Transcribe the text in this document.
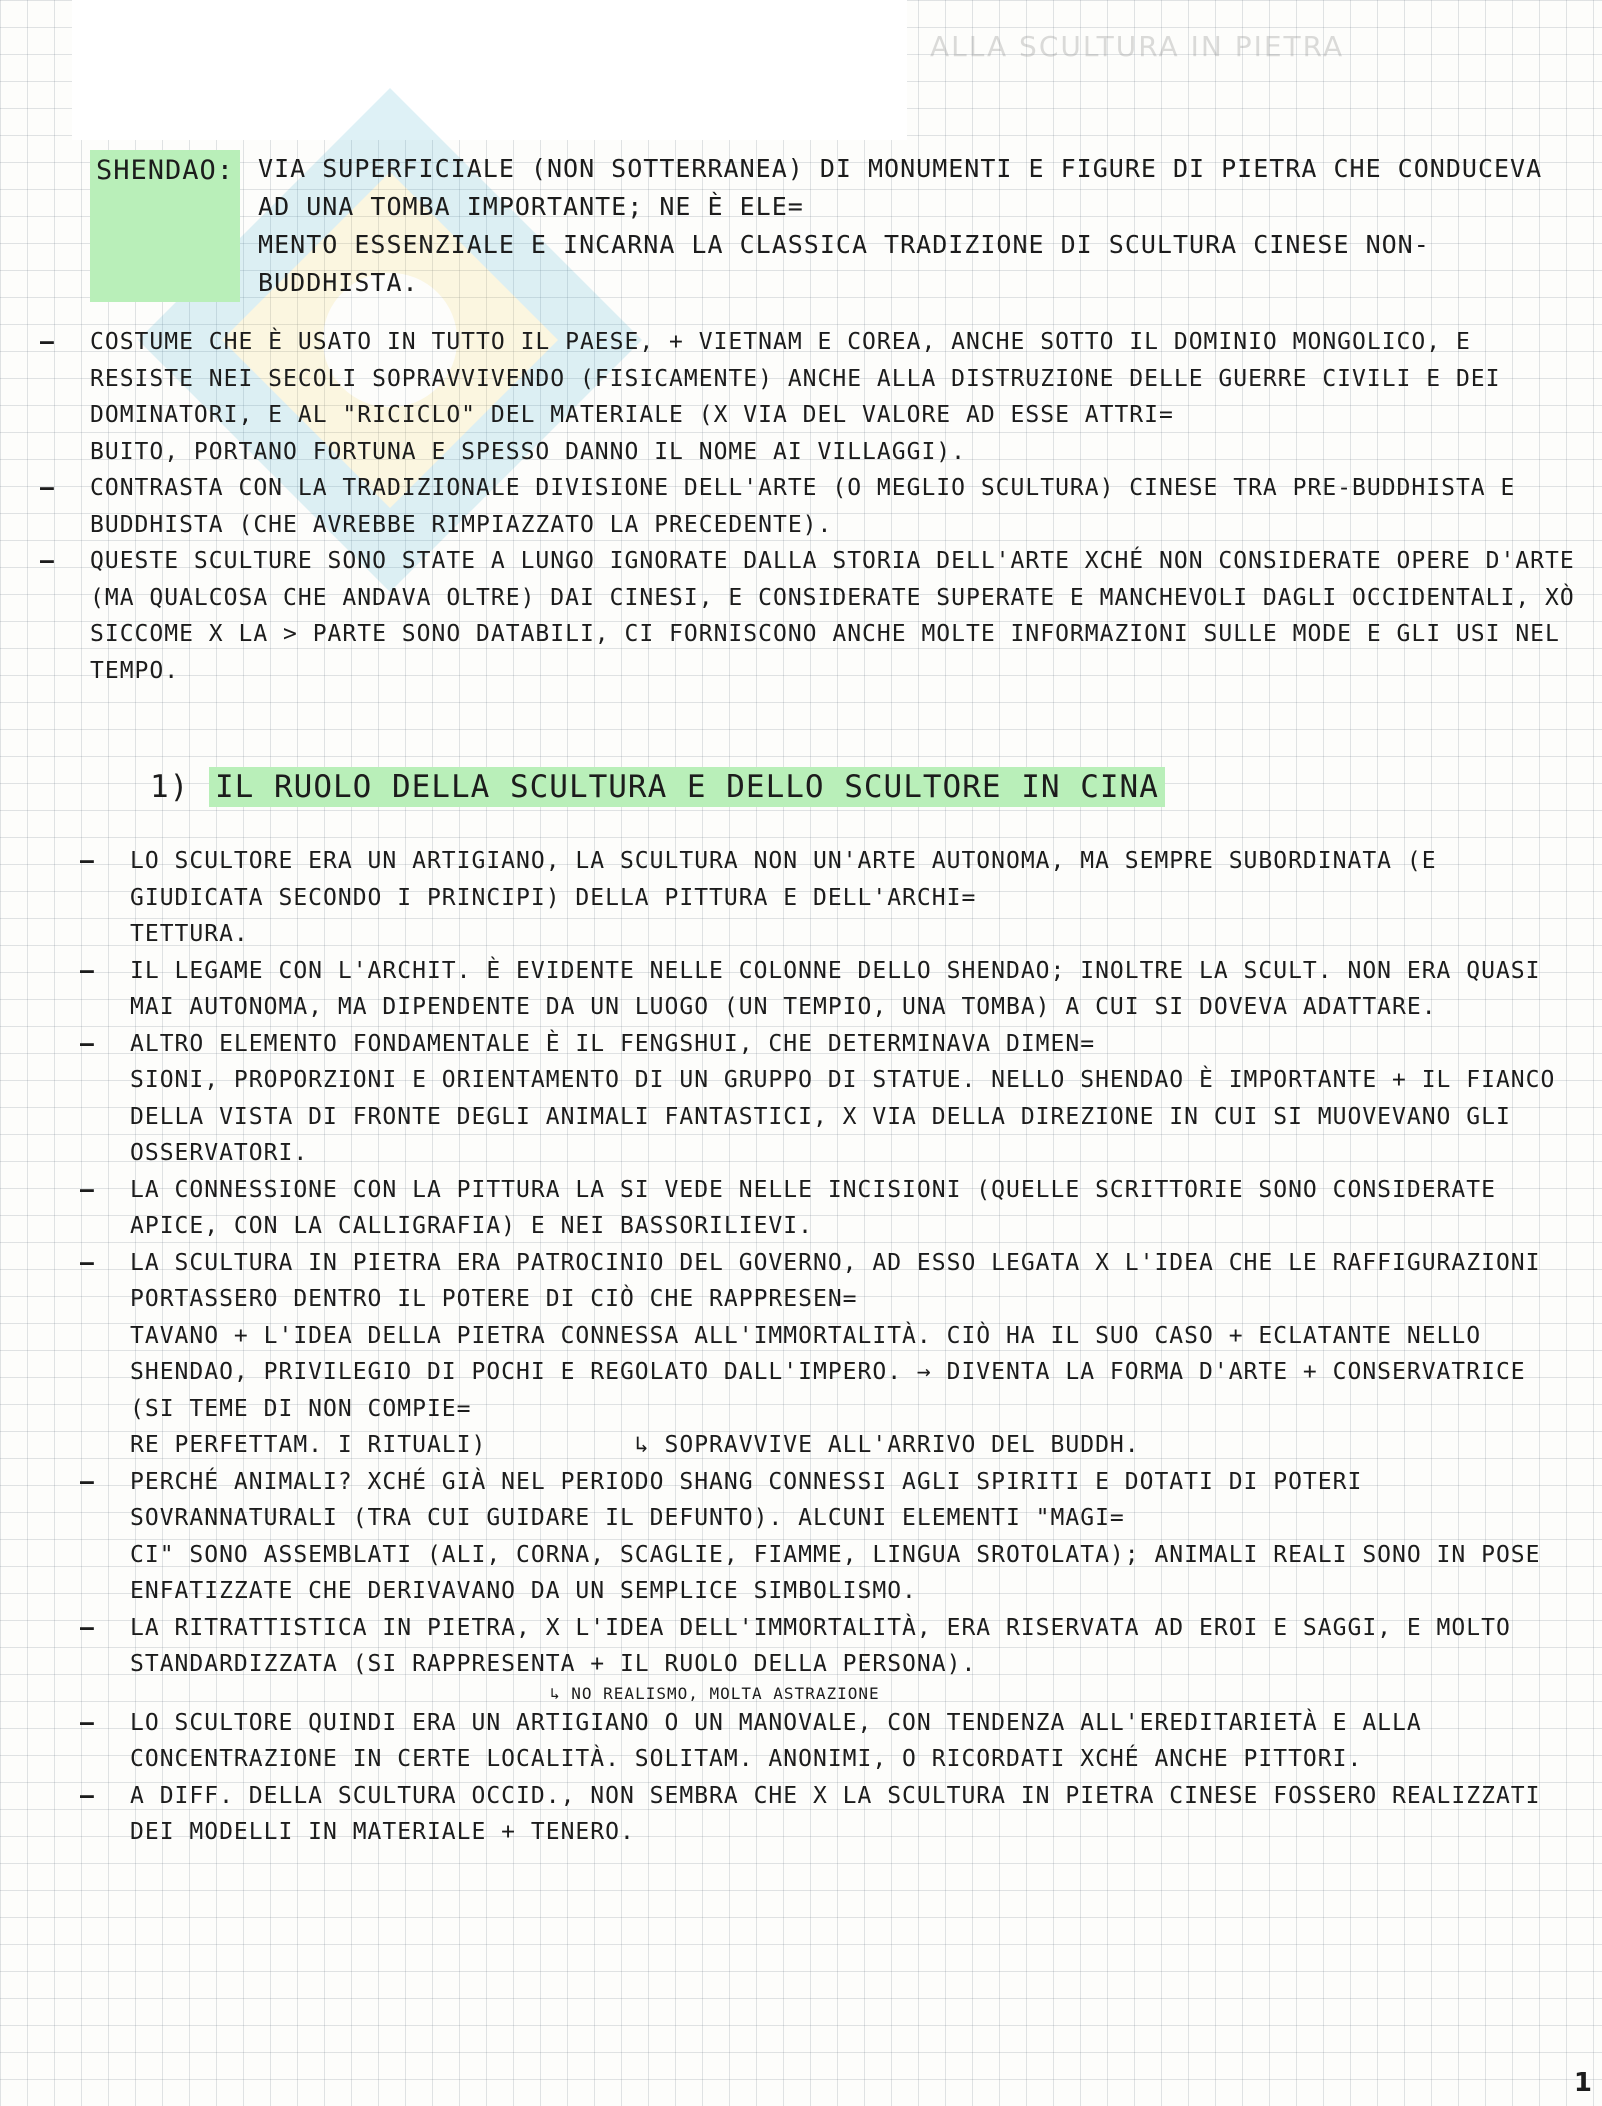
ALLA SCULTURA IN PIETRA
SHENDAO: VIA SUPERFICIALE (NON SOTTERRANEA) DI MONUMENTI E FIGURE DI PIETRA CHE CONDUCEVA AD UNA TOMBA IMPORTANTE; NE È ELE=
MENTO ESSENZIALE E INCARNA LA CLASSICA TRADIZIONE DI SCULTURA CINESE NON-BUDDHISTA.
– COSTUME CHE È USATO IN TUTTO IL PAESE, + VIETNAM E COREA, ANCHE SOTTO IL DOMINIO MONGOLICO, E RESISTE NEI SECOLI SOPRAVVIVENDO (FISICAMENTE) ANCHE ALLA DISTRUZIONE DELLE GUERRE CIVILI E DEI DOMINATORI, E AL "RICICLO" DEL MATERIALE (X VIA DEL VALORE AD ESSE ATTRI=
BUITO, PORTANO FORTUNA E SPESSO DANNO IL NOME AI VILLAGGI).
– CONTRASTA CON LA TRADIZIONALE DIVISIONE DELL'ARTE (O MEGLIO SCULTURA) CINESE TRA PRE-BUDDHISTA E BUDDHISTA (CHE AVREBBE RIMPIAZZATO LA PRECEDENTE).
– QUESTE SCULTURE SONO STATE A LUNGO IGNORATE DALLA STORIA DELL'ARTE XCHÉ NON CONSIDERATE OPERE D'ARTE (MA QUALCOSA CHE ANDAVA OLTRE) DAI CINESI, E CONSIDERATE SUPERATE E MANCHEVOLI DAGLI OCCIDENTALI, XÒ SICCOME X LA > PARTE SONO DATABILI, CI FORNISCONO ANCHE MOLTE INFORMAZIONI SULLE MODE E GLI USI NEL TEMPO.
1) IL RUOLO DELLA SCULTURA E DELLO SCULTORE IN CINA
– LO SCULTORE ERA UN ARTIGIANO, LA SCULTURA NON UN'ARTE AUTONOMA, MA SEMPRE SUBORDINATA (E GIUDICATA SECONDO I PRINCIPI) DELLA PITTURA E DELL'ARCHI=
TETTURA.
– IL LEGAME CON L'ARCHIT. È EVIDENTE NELLE COLONNE DELLO SHENDAO; INOLTRE LA SCULT. NON ERA QUASI MAI AUTONOMA, MA DIPENDENTE DA UN LUOGO (UN TEMPIO, UNA TOMBA) A CUI SI DOVEVA ADATTARE.
– ALTRO ELEMENTO FONDAMENTALE È IL FENGSHUI, CHE DETERMINAVA DIMEN=
SIONI, PROPORZIONI E ORIENTAMENTO DI UN GRUPPO DI STATUE. NELLO SHENDAO È IMPORTANTE + IL FIANCO DELLA VISTA DI FRONTE DEGLI ANIMALI FANTASTICI, X VIA DELLA DIREZIONE IN CUI SI MUOVEVANO GLI OSSERVATORI.
– LA CONNESSIONE CON LA PITTURA LA SI VEDE NELLE INCISIONI (QUELLE SCRITTORIE SONO CONSIDERATE APICE, CON LA CALLIGRAFIA) E NEI BASSORILIEVI.
– LA SCULTURA IN PIETRA ERA PATROCINIO DEL GOVERNO, AD ESSO LEGATA X L'IDEA CHE LE RAFFIGURAZIONI PORTASSERO DENTRO IL POTERE DI CIÒ CHE RAPPRESEN=
TAVANO + L'IDEA DELLA PIETRA CONNESSA ALL'IMMORTALITÀ. CIÒ HA IL SUO CASO + ECLATANTE NELLO SHENDAO, PRIVILEGIO DI POCHI E REGOLATO DALL'IMPERO. → DIVENTA LA FORMA D'ARTE + CONSERVATRICE (SI TEME DI NON COMPIE=
RE PERFETTAM. I RITUALI)          ↳ SOPRAVVIVE ALL'ARRIVO DEL BUDDH.
– PERCHÉ ANIMALI? XCHÉ GIÀ NEL PERIODO SHANG CONNESSI AGLI SPIRITI E DOTATI DI POTERI SOVRANNATURALI (TRA CUI GUIDARE IL DEFUNTO). ALCUNI ELEMENTI "MAGI=
CI" SONO ASSEMBLATI (ALI, CORNA, SCAGLIE, FIAMME, LINGUA SROTOLATA); ANIMALI REALI SONO IN POSE ENFATIZZATE CHE DERIVAVANO DA UN SEMPLICE SIMBOLISMO.
– LA RITRATTISTICA IN PIETRA, X L'IDEA DELL'IMMORTALITÀ, ERA RISERVATA AD EROI E SAGGI, E MOLTO STANDARDIZZATA (SI RAPPRESENTA + IL RUOLO DELLA PERSONA).
↳ NO REALISMO, MOLTA ASTRAZIONE
– LO SCULTORE QUINDI ERA UN ARTIGIANO O UN MANOVALE, CON TENDENZA ALL'EREDITARIETÀ E ALLA CONCENTRAZIONE IN CERTE LOCALITÀ. SOLITAM. ANONIMI, O RICORDATI XCHÉ ANCHE PITTORI.
– A DIFF. DELLA SCULTURA OCCID., NON SEMBRA CHE X LA SCULTURA IN PIETRA CINESE FOSSERO REALIZZATI DEI MODELLI IN MATERIALE + TENERO.
1
